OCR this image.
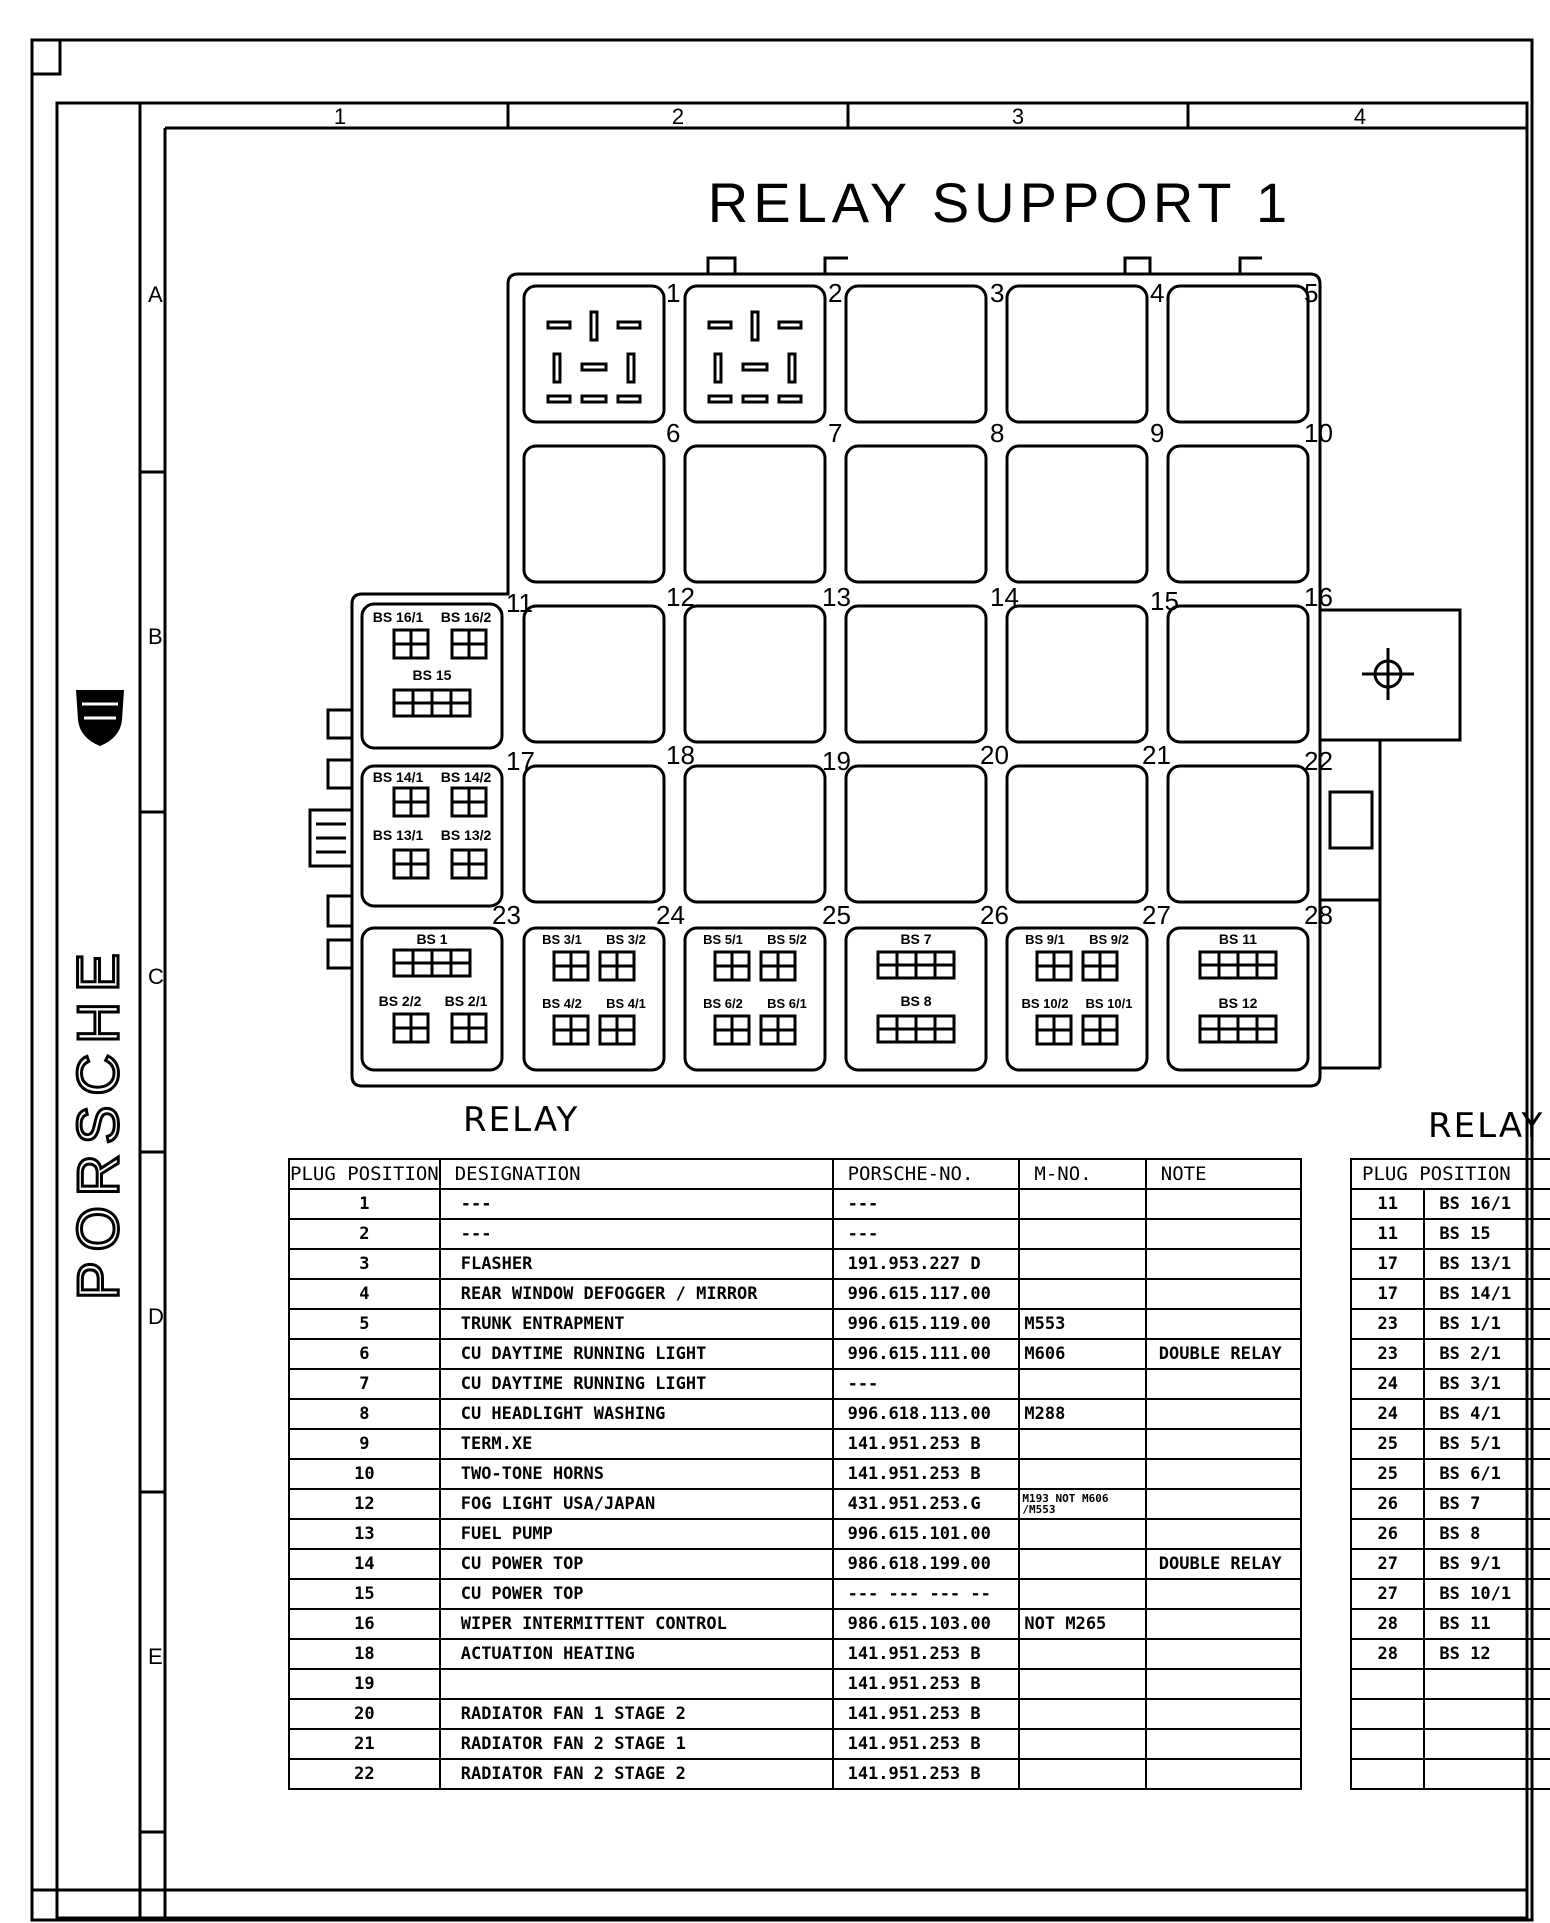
1	2	3	4
A
B
C
D
E
PORSCHE
RELAY SUPPORT 1
1	2	3	4	5
6	7	8	9	10
11	12	13	14	15	16
17	18	19	20	21	22
23	24	25	26	27	28
BS 16/1 BS 16/2
BS 15
BS 14/1 BS 14/2
BS 13/1 BS 13/2
BS 1
BS 2/2 BS 2/1
BS 3/1 BS 3/2
BS 4/2 BS 4/1
BS 5/1 BS 5/2
BS 6/2 BS 6/1
BS 9/1 BS 9/2
BS 10/2 BS 10/1
BS 7
BS 8
BS 11
BS 12
RELAY
PLUG POSITION	DESIGNATION	PORSCHE-NO.	M-NO.	NOTE
1	---	---		
2	---	---		
3	FLASHER	191.953.227 D		
4	REAR WINDOW DEFOGGER / MIRROR	996.615.117.00		
5	TRUNK ENTRAPMENT	996.615.119.00	M553	
6	CU DAYTIME RUNNING LIGHT	996.615.111.00	M606	DOUBLE RELAY
7	CU DAYTIME RUNNING LIGHT	---		
8	CU HEADLIGHT WASHING	996.618.113.00	M288	
9	TERM.XE	141.951.253 B		
10	TWO-TONE HORNS	141.951.253 B		
12	FOG LIGHT USA/JAPAN	431.951.253.G	M193 NOT M606 /M553	
13	FUEL PUMP	996.615.101.00		
14	CU POWER TOP	986.618.199.00		DOUBLE RELAY
15	CU POWER TOP	--- --- --- --		
16	WIPER INTERMITTENT CONTROL	986.615.103.00	NOT M265	
18	ACTUATION HEATING	141.951.253 B		
19		141.951.253 B		
20	RADIATOR FAN 1 STAGE 2	141.951.253 B		
21	RADIATOR FAN 2 STAGE 1	141.951.253 B		
22	RADIATOR FAN 2 STAGE 2	141.951.253 B		
RELAY
PLUG POSITION	
11	BS 16/1
11	BS 15
17	BS 13/1
17	BS 14/1
23	BS 1/1
23	BS 2/1
24	BS 3/1
24	BS 4/1
25	BS 5/1
25	BS 6/1
26	BS 7
26	BS 8
27	BS 9/1
27	BS 10/1
28	BS 11
28	BS 12
